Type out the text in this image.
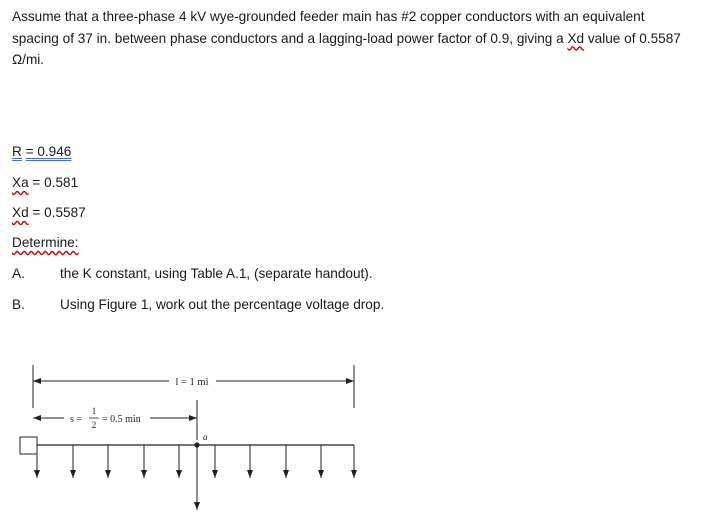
Assume that a three-phase 4 kV wye-grounded feeder main has #2 copper conductors with an equivalent spacing of 37 in. between phase conductors and a lagging-load power factor of 0.9, giving a Xd value of 0.5587 Ω/mi.
R = 0.946
Xa = 0.581
Xd = 0.5587
Determine:
A.	the K constant, using Table A.1, (separate handout).
B.	Using Figure 1, work out the percentage voltage drop.
l = 1 mi
s =
1
2 = 0.5 min
a
